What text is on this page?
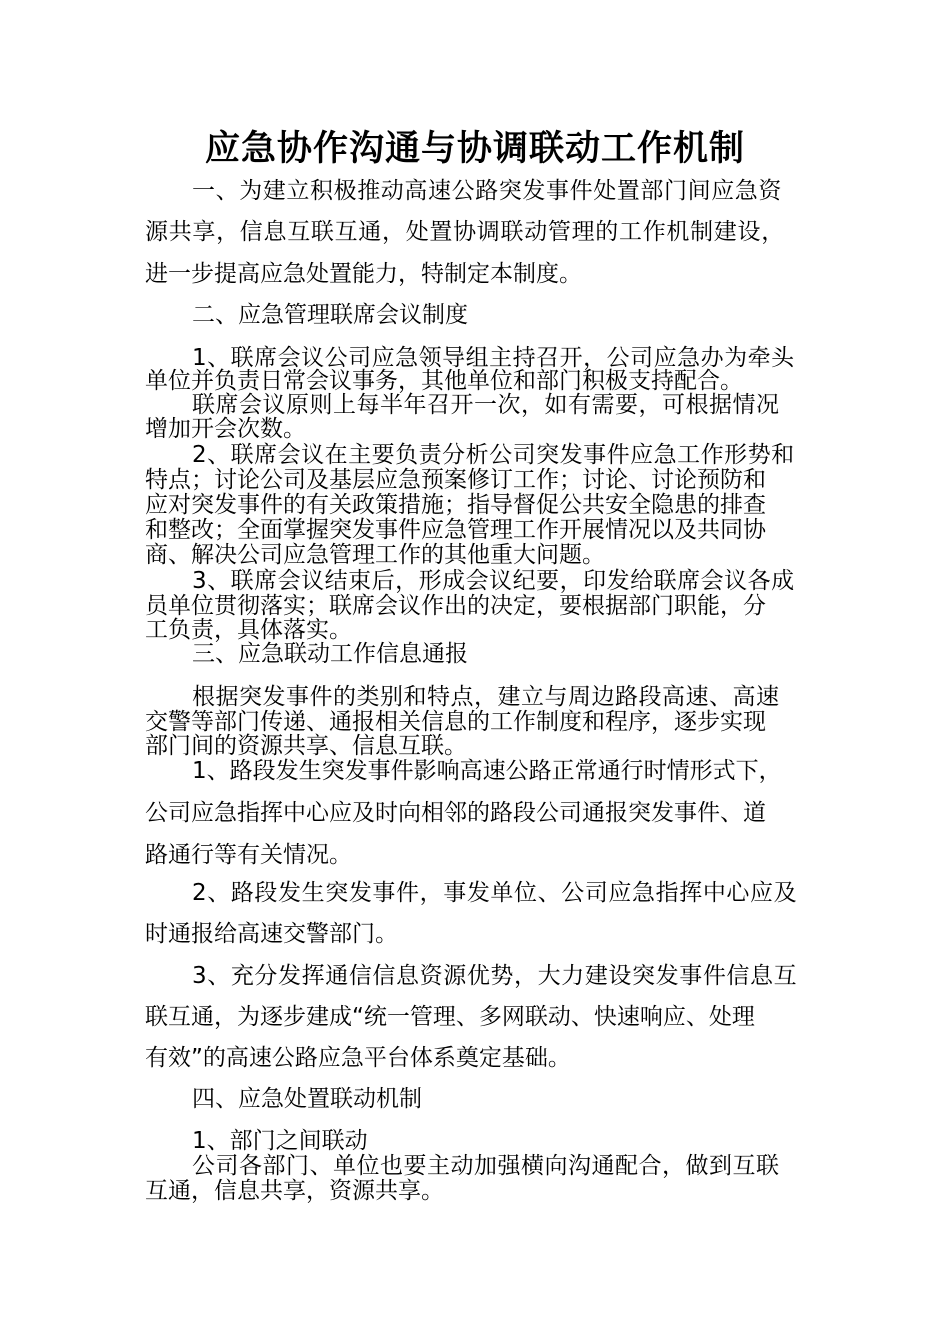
应急协作沟通与协调联动工作机制
一、为建立积极推动高速公路突发事件处置部门间应急资
源共享，信息互联互通，处置协调联动管理的工作机制建设，
进一步提高应急处置能力，特制定本制度。
二、应急管理联席会议制度
1、联席会议公司应急领导组主持召开，公司应急办为牵头
单位并负责日常会议事务，其他单位和部门积极支持配合。
联席会议原则上每半年召开一次，如有需要，可根据情况
增加开会次数。
2、联席会议在主要负责分析公司突发事件应急工作形势和
特点；讨论公司及基层应急预案修订工作；讨论、讨论预防和
应对突发事件的有关政策措施；指导督促公共安全隐患的排查
和整改；全面掌握突发事件应急管理工作开展情况以及共同协
商、解决公司应急管理工作的其他重大问题。
3、联席会议结束后，形成会议纪要，印发给联席会议各成
员单位贯彻落实；联席会议作出的决定，要根据部门职能，分
工负责，具体落实。
三、应急联动工作信息通报
根据突发事件的类别和特点，建立与周边路段高速、高速
交警等部门传递、通报相关信息的工作制度和程序，逐步实现
部门间的资源共享、信息互联。
1、路段发生突发事件影响高速公路正常通行时情形式下，
公司应急指挥中心应及时向相邻的路段公司通报突发事件、道
路通行等有关情况。
2、路段发生突发事件，事发单位、公司应急指挥中心应及
时通报给高速交警部门。
3、充分发挥通信信息资源优势，大力建设突发事件信息互
联互通，为逐步建成“统一管理、多网联动、快速响应、处理
有效”的高速公路应急平台体系奠定基础。
四、应急处置联动机制
1、部门之间联动
公司各部门、单位也要主动加强横向沟通配合，做到互联
互通，信息共享，资源共享。
